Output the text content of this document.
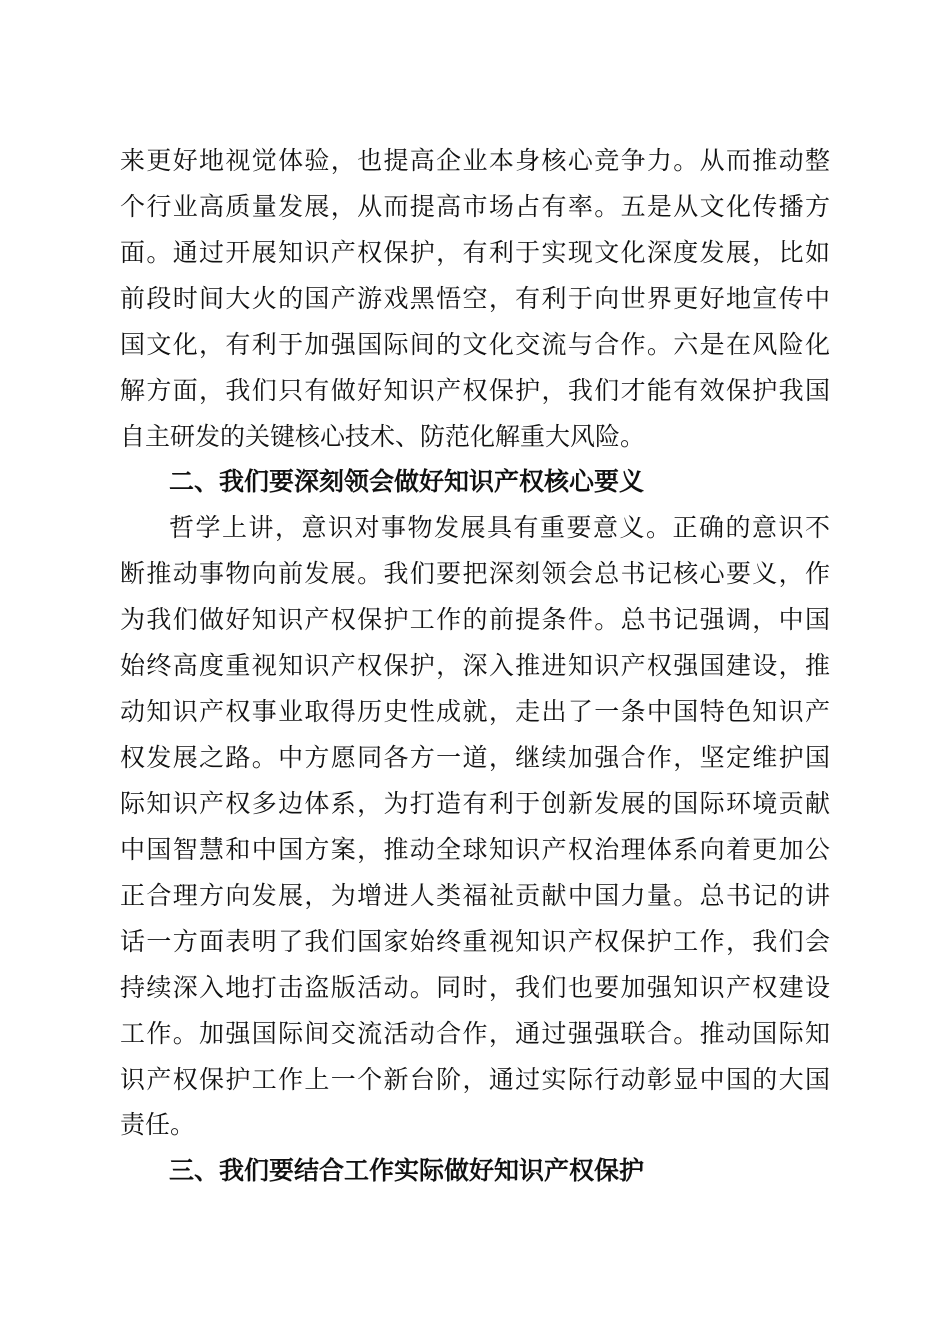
来更好地视觉体验，也提高企业本身核心竞争力。从而推动整
个行业高质量发展，从而提高市场占有率。五是从文化传播方
面。通过开展知识产权保护，有利于实现文化深度发展，比如
前段时间大火的国产游戏黑悟空，有利于向世界更好地宣传中
国文化，有利于加强国际间的文化交流与合作。六是在风险化
解方面，我们只有做好知识产权保护，我们才能有效保护我国
自主研发的关键核心技术、防范化解重大风险。
二、我们要深刻领会做好知识产权核心要义
哲学上讲，意识对事物发展具有重要意义。正确的意识不
断推动事物向前发展。我们要把深刻领会总书记核心要义，作
为我们做好知识产权保护工作的前提条件。总书记强调，中国
始终高度重视知识产权保护，深入推进知识产权强国建设，推
动知识产权事业取得历史性成就，走出了一条中国特色知识产
权发展之路。中方愿同各方一道，继续加强合作，坚定维护国
际知识产权多边体系，为打造有利于创新发展的国际环境贡献
中国智慧和中国方案，推动全球知识产权治理体系向着更加公
正合理方向发展，为增进人类福祉贡献中国力量。总书记的讲
话一方面表明了我们国家始终重视知识产权保护工作，我们会
持续深入地打击盗版活动。同时，我们也要加强知识产权建设
工作。加强国际间交流活动合作，通过强强联合。推动国际知
识产权保护工作上一个新台阶，通过实际行动彰显中国的大国
责任。
三、我们要结合工作实际做好知识产权保护
